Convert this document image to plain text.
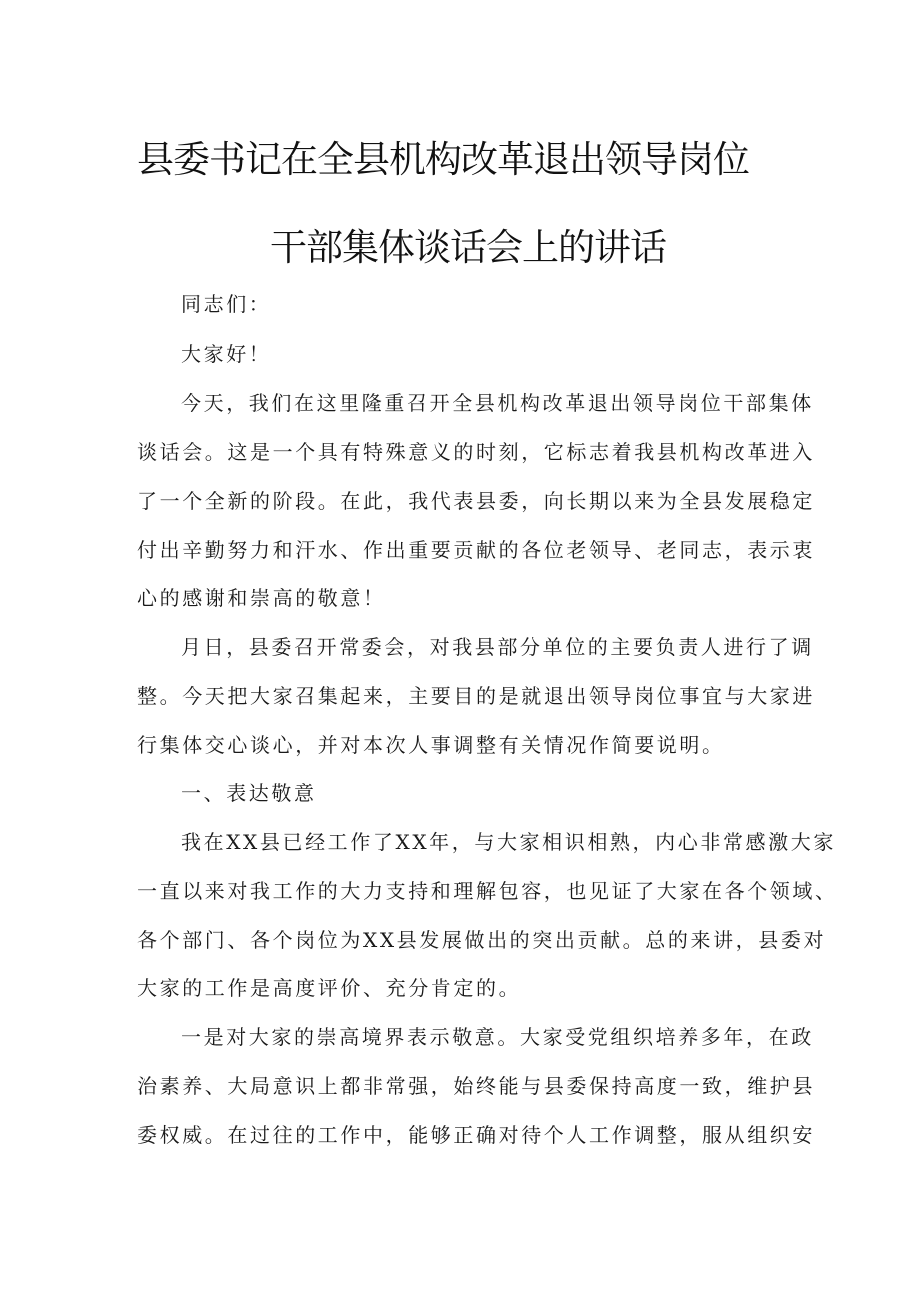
县委书记在全县机构改革退出领导岗位
干部集体谈话会上的讲话
同志们：
大家好！
今天，我们在这里隆重召开全县机构改革退出领导岗位干部集体
谈话会。这是一个具有特殊意义的时刻，它标志着我县机构改革进入
了一个全新的阶段。在此，我代表县委，向长期以来为全县发展稳定
付出辛勤努力和汗水、作出重要贡献的各位老领导、老同志，表示衷
心的感谢和崇高的敬意！
月日，县委召开常委会，对我县部分单位的主要负责人进行了调
整。今天把大家召集起来，主要目的是就退出领导岗位事宜与大家进
行集体交心谈心，并对本次人事调整有关情况作简要说明。
一、表达敬意
我在XX县已经工作了XX年，与大家相识相熟，内心非常感激大家
一直以来对我工作的大力支持和理解包容，也见证了大家在各个领域、
各个部门、各个岗位为XX县发展做出的突出贡献。总的来讲，县委对
大家的工作是高度评价、充分肯定的。
一是对大家的崇高境界表示敬意。大家受党组织培养多年，在政
治素养、大局意识上都非常强，始终能与县委保持高度一致，维护县
委权威。在过往的工作中，能够正确对待个人工作调整，服从组织安
